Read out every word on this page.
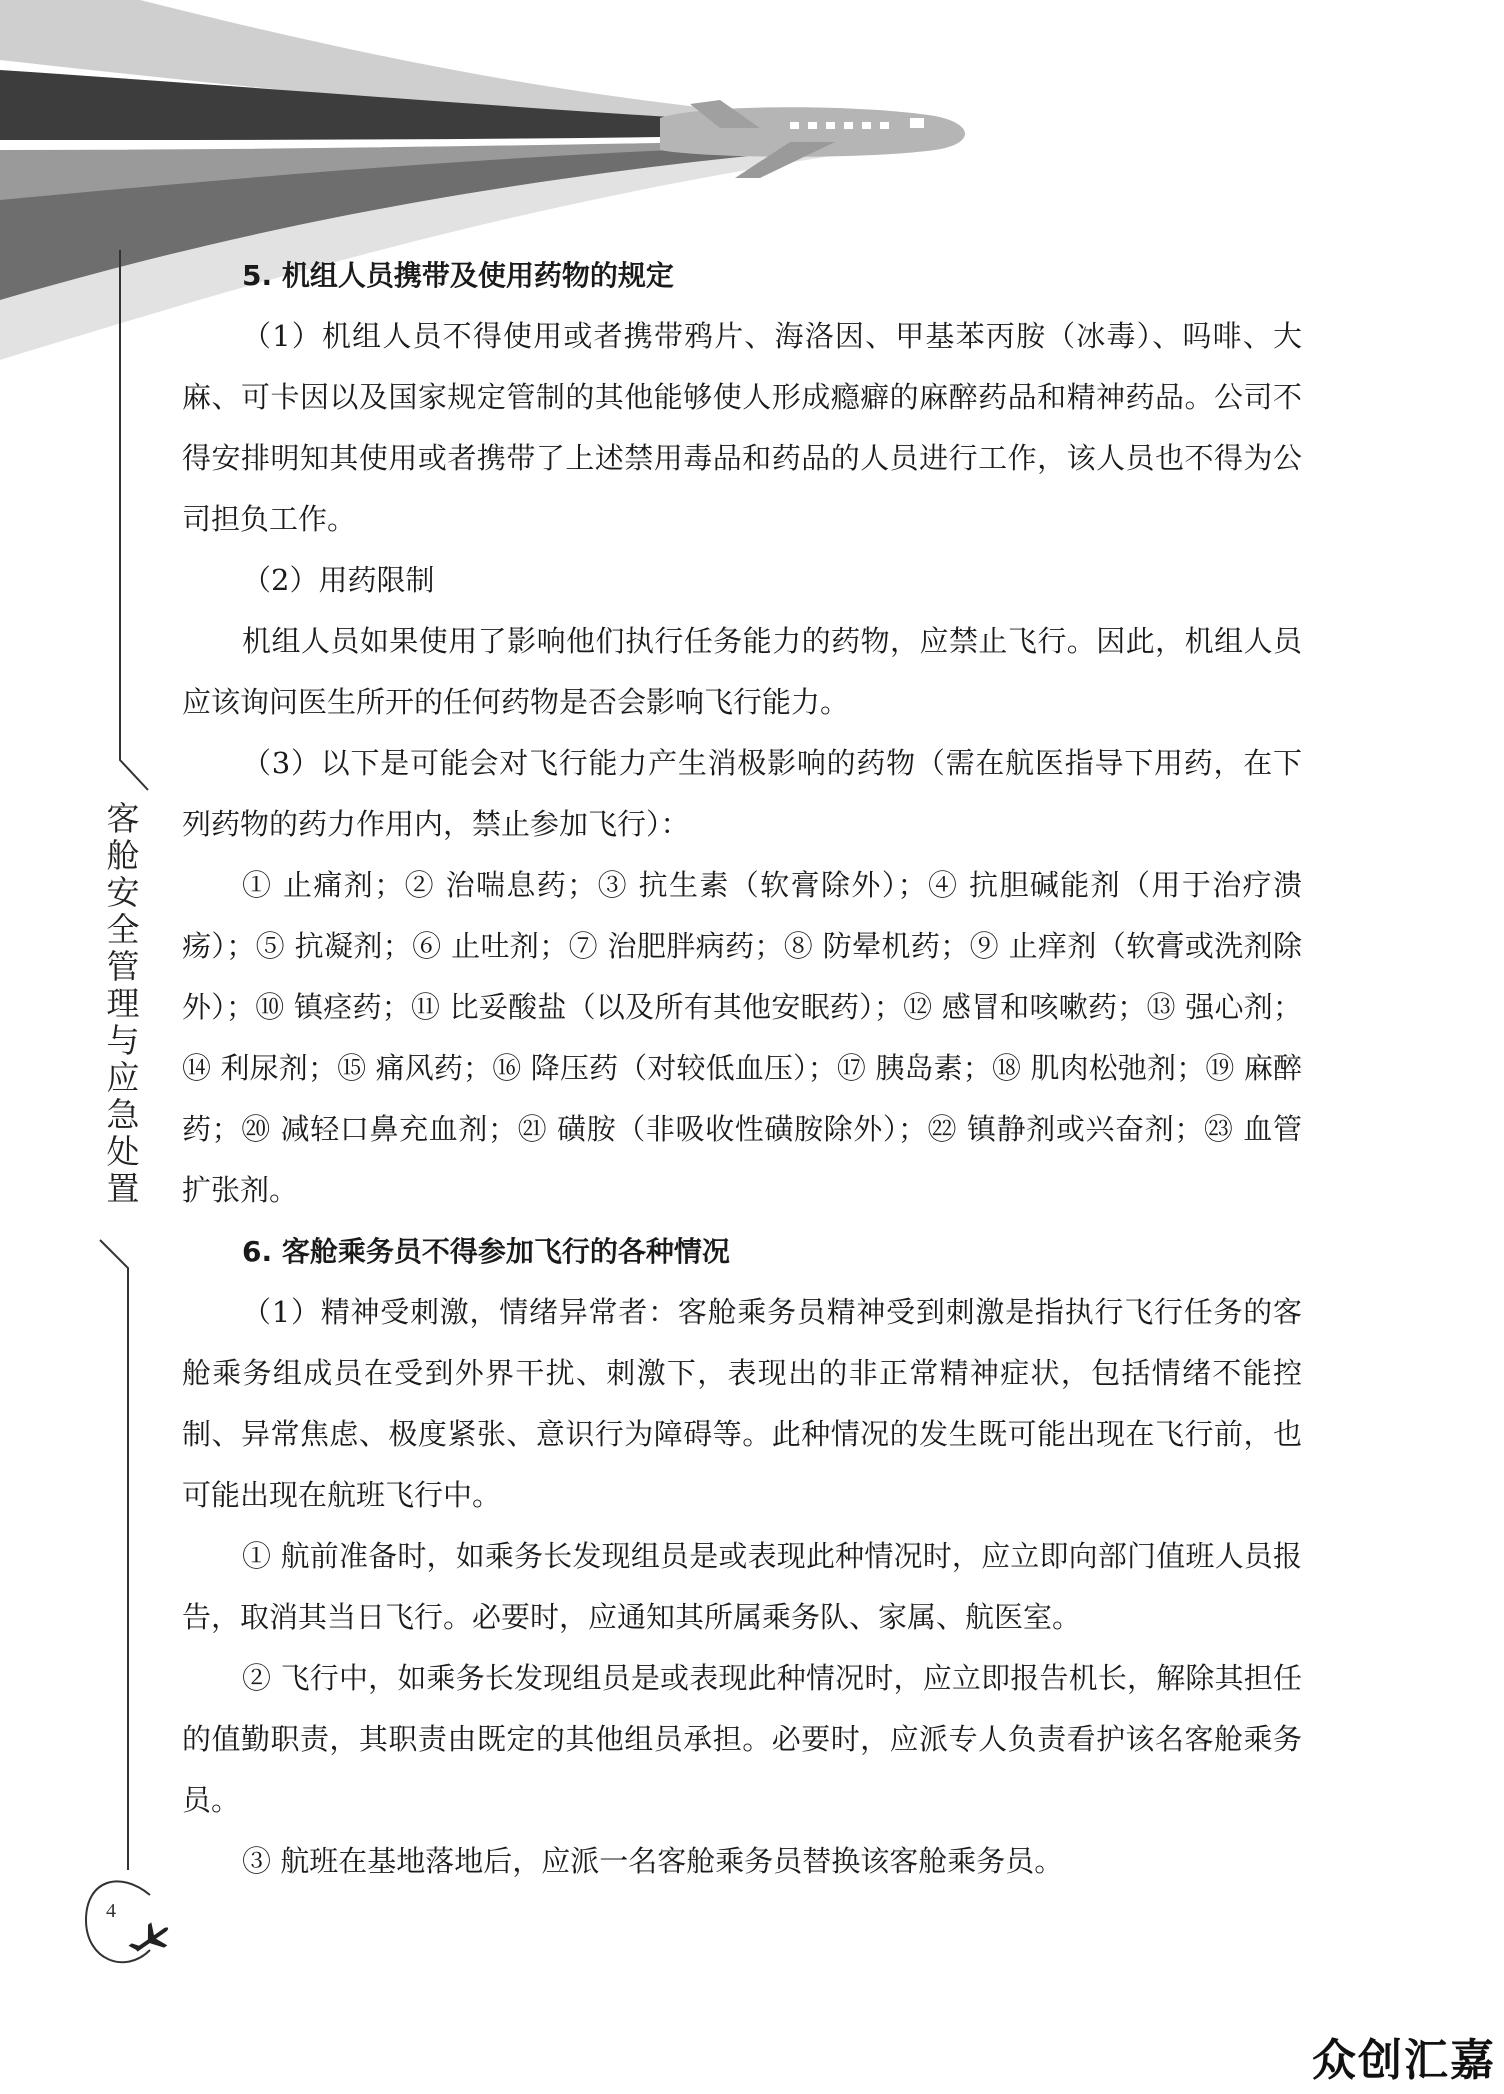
客
舱
安
全
管
理
与
应
急
处
置
4

5. 机组人员携带及使用药物的规定

（1）机组人员不得使用或者携带鸦片、海洛因、甲基苯丙胺（冰毒）、吗啡、大麻、可卡因以及国家规定管制的其他能够使人形成瘾癖的麻醉药品和精神药品。公司不得安排明知其使用或者携带了上述禁用毒品和药品的人员进行工作，该人员也不得为公司担负工作。

（2）用药限制

机组人员如果使用了影响他们执行任务能力的药物，应禁止飞行。因此，机组人员应该询问医生所开的任何药物是否会影响飞行能力。

（3）以下是可能会对飞行能力产生消极影响的药物（需在航医指导下用药，在下列药物的药力作用内，禁止参加飞行）：

① 止痛剂；② 治喘息药；③ 抗生素（软膏除外）；④ 抗胆碱能剂（用于治疗溃疡）；⑤ 抗凝剂；⑥ 止吐剂；⑦ 治肥胖病药；⑧ 防晕机药；⑨ 止痒剂（软膏或洗剂除外）；⑩ 镇痉药；⑪ 比妥酸盐（以及所有其他安眠药）；⑫ 感冒和咳嗽药；⑬ 强心剂；⑭ 利尿剂；⑮ 痛风药；⑯ 降压药（对较低血压）；⑰ 胰岛素；⑱ 肌肉松弛剂；⑲ 麻醉药；⑳ 减轻口鼻充血剂；㉑ 磺胺（非吸收性磺胺除外）；㉒ 镇静剂或兴奋剂；㉓ 血管扩张剂。

6. 客舱乘务员不得参加飞行的各种情况

（1）精神受刺激，情绪异常者：客舱乘务员精神受到刺激是指执行飞行任务的客舱乘务组成员在受到外界干扰、刺激下，表现出的非正常精神症状，包括情绪不能控制、异常焦虑、极度紧张、意识行为障碍等。此种情况的发生既可能出现在飞行前，也可能出现在航班飞行中。

① 航前准备时，如乘务长发现组员是或表现此种情况时，应立即向部门值班人员报告，取消其当日飞行。必要时，应通知其所属乘务队、家属、航医室。

② 飞行中，如乘务长发现组员是或表现此种情况时，应立即报告机长，解除其担任的值勤职责，其职责由既定的其他组员承担。必要时，应派专人负责看护该名客舱乘务员。

③ 航班在基地落地后，应派一名客舱乘务员替换该客舱乘务员。

众创汇嘉
